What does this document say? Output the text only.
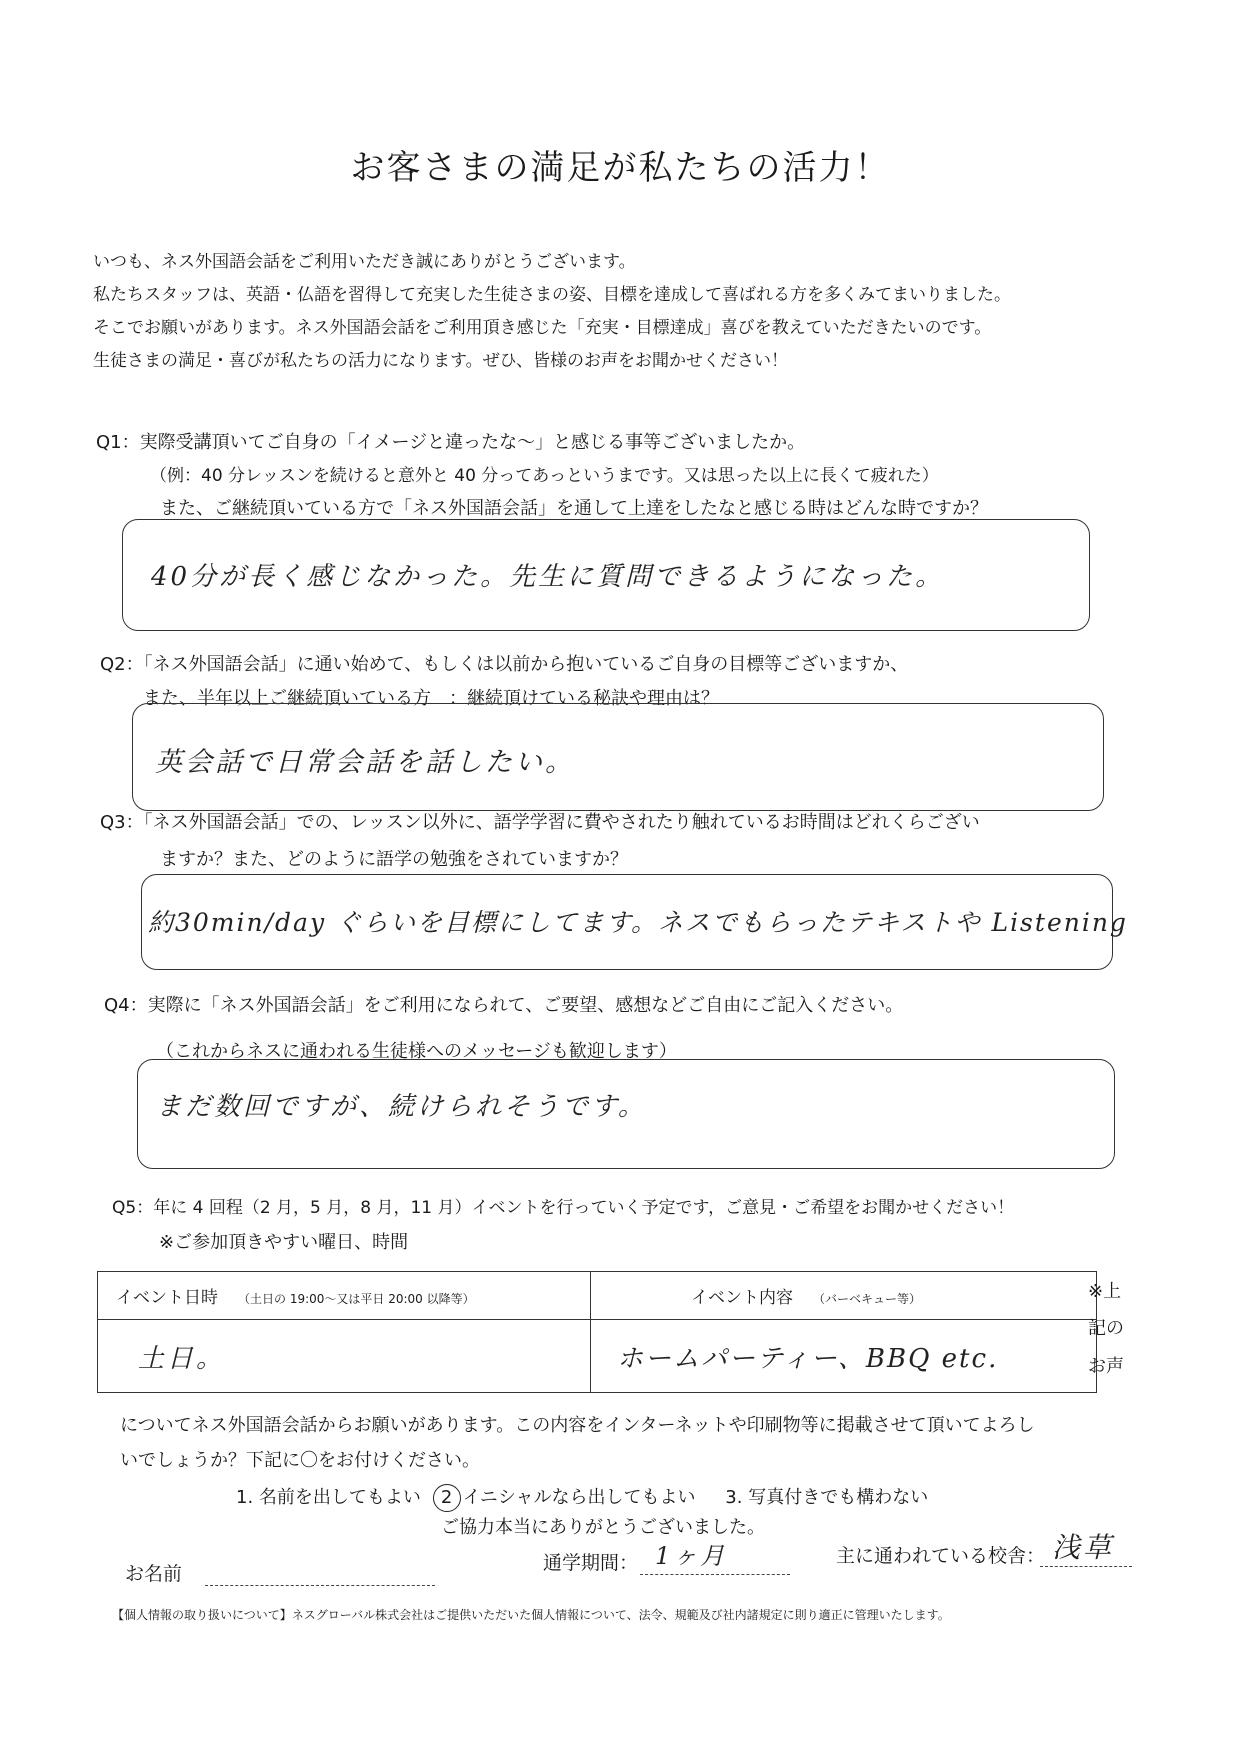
お客さまの満足が私たちの活力！
いつも、ネス外国語会話をご利用いただき誠にありがとうございます。
私たちスタッフは、英語・仏語を習得して充実した生徒さまの姿、目標を達成して喜ばれる方を多くみてまいりました。
そこでお願いがあります。ネス外国語会話をご利用頂き感じた「充実・目標達成」喜びを教えていただきたいのです。
生徒さまの満足・喜びが私たちの活力になります。ぜひ、皆様のお声をお聞かせください！
Q1：実際受講頂いてご自身の「イメージと違ったな～」と感じる事等ございましたか。
（例：40 分レッスンを続けると意外と 40 分ってあっというまです。又は思った以上に長くて疲れた）
また、ご継続頂いている方で「ネス外国語会話」を通して上達をしたなと感じる時はどんな時ですか？
40分が長く感じなかった。先生に質問できるようになった。
Q2：「ネス外国語会話」に通い始めて、もしくは以前から抱いているご自身の目標等ございますか、
また、半年以上ご継続頂いている方　：継続頂けている秘訣や理由は？
英会話で日常会話を話したい。
Q3：「ネス外国語会話」での、レッスン以外に、語学学習に費やされたり触れているお時間はどれくらござい
ますか？また、どのように語学の勉強をされていますか？
約30min/day ぐらいを目標にしてます。ネスでもらったテキストや Listening
Q4：実際に「ネス外国語会話」をご利用になられて、ご要望、感想などご自由にご記入ください。
（これからネスに通われる生徒様へのメッセージも歓迎します）
まだ数回ですが、続けられそうです。
Q5：年に 4 回程（2 月，5 月，8 月，11 月）イベントを行っていく予定です，ご意見・ご希望をお聞かせください！
※ご参加頂きやすい曜日、時間
イベント日時 （土日の 19:00～又は平日 20:00 以降等）	イベント内容 （バーベキュー等）
土日。	ホームパーティー、BBQ etc.
※上
記の
お声
についてネス外国語会話からお願いがあります。この内容をインターネットや印刷物等に掲載させて頂いてよろし
いでしょうか？下記に〇をお付けください。
1. 名前を出してもよい 2 イニシャルなら出してもよい 3. 写真付きでも構わない
ご協力本当にありがとうございました。
お名前	通学期間： 1ヶ月	主に通われている校舎： 浅草
【個人情報の取り扱いについて】ネスグローバル株式会社はご提供いただいた個人情報について、法令、規範及び社内諸規定に則り適正に管理いたします。
